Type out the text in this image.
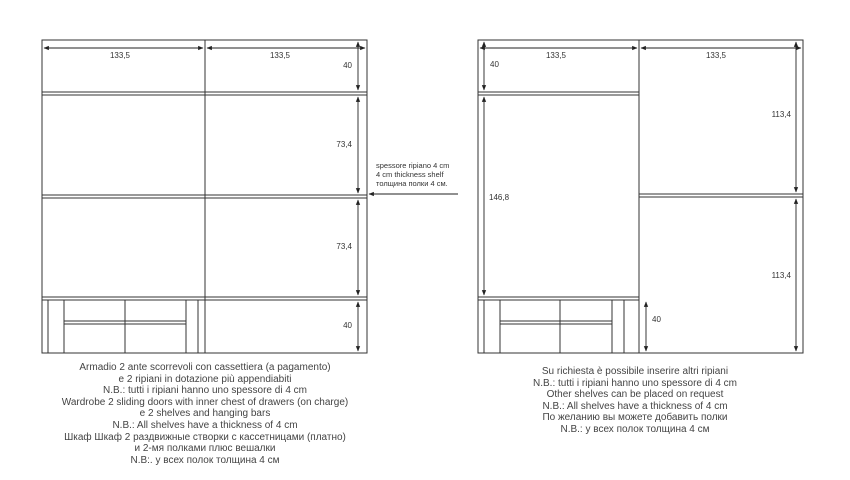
133,5	133,5
40
73,4
73,4
40
spessore ripiano 4 cm
4 cm thickness shelf
толщина полки 4 см.
40
133,5	133,5
146,8
113,4
113,4
40
Armadio 2 ante scorrevoli con cassettiera (a pagamento)
e 2 ripiani in dotazione più appendiabiti
N.B.: tutti i ripiani hanno uno spessore di 4 cm
Wardrobe 2 sliding doors with inner chest of drawers (on charge)
e 2 shelves and hanging bars
N.B.: All shelves have a thickness of 4 cm
Шкаф Шкаф 2 раздвижные створки с кассетницами (платно)
и 2-мя полками плюс вешалки
N.B:. у всех полок толщина 4 см
Su richiesta è possibile inserire altri ripiani
N.B.: tutti i ripiani hanno uno spessore di 4 cm
Other shelves can be placed on request
N.B.: All shelves have a thickness of 4 cm
По желанию вы можете добавить полки
N.B.: у всех полок толщина 4 см
